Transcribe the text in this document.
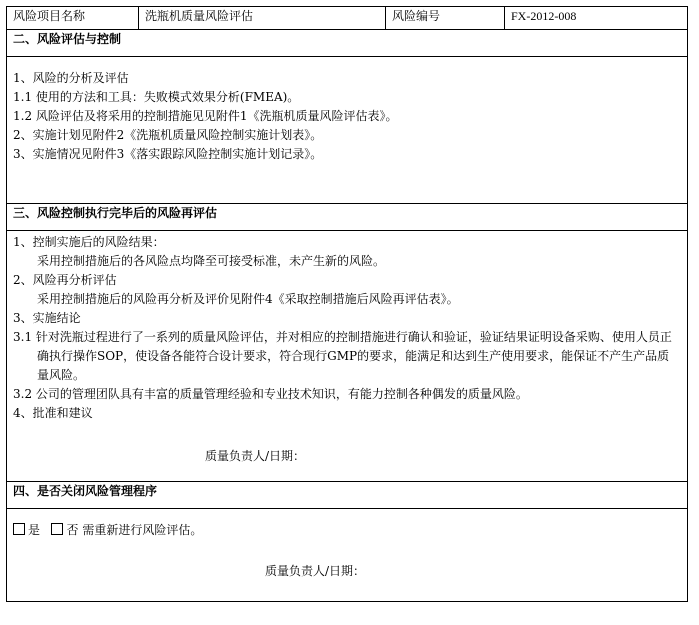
风险项目名称	洗瓶机质量风险评估	风险编号	FX-2012-008
二、风险评估与控制

1、风险的分析及评估
1.1 使用的方法和工具：失败模式效果分析(FMEA)。
1.2 风险评估及将采用的控制措施见见附件1《洗瓶机质量风险评估表》。
2、实施计划见附件2《洗瓶机质量风险控制实施计划表》。
3、实施情况见附件3《落实跟踪风险控制实施计划记录》。

三、风险控制执行完毕后的风险再评估

1、控制实施后的风险结果：
采用控制措施后的各风险点均降至可接受标准，未产生新的风险。
2、风险再分析评估
采用控制措施后的风险再分析及评价见附件4《采取控制措施后风险再评估表》。
3、实施结论
3.1 针对洗瓶过程进行了一系列的质量风险评估，并对相应的控制措施进行确认和验证，验证结果证明设备采购、使用人员正确执行操作SOP，使设备各能符合设计要求，符合现行GMP的要求，能满足和达到生产使用要求，能保证不产生产品质量风险。
3.2 公司的管理团队具有丰富的质量管理经验和专业技术知识，有能力控制各种偶发的质量风险。
4、批准和建议
质量负责人/日期：

四、是否关闭风险管理程序

是 否 需重新进行风险评估。
质量负责人/日期：
